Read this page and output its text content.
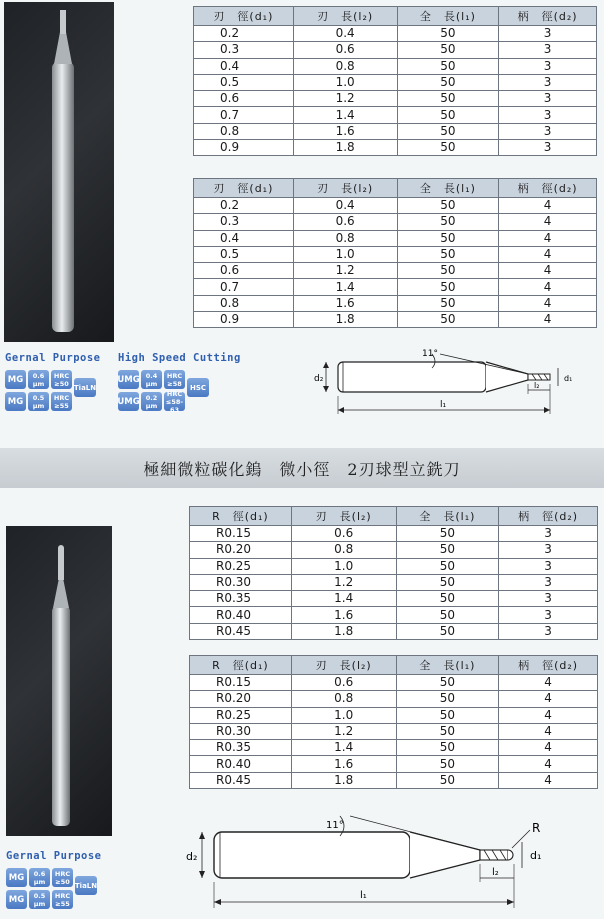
刃　徑(d₁)	刃　長(l₂)	全　長(l₁)	柄　徑(d₂)
0.2	0.4	50	3
0.3	0.6	50	3
0.4	0.8	50	3
0.5	1.0	50	3
0.6	1.2	50	3
0.7	1.4	50	3
0.8	1.6	50	3
0.9	1.8	50	3
刃　徑(d₁)	刃　長(l₂)	全　長(l₁)	柄　徑(d₂)
0.2	0.4	50	4
0.3	0.6	50	4
0.4	0.8	50	4
0.5	1.0	50	4
0.6	1.2	50	4
0.7	1.4	50	4
0.8	1.6	50	4
0.9	1.8	50	4
Gernal Purpose
MG	0.6
μm
HRC
≥50
MG	0.5
μm
HRC
≥55
TiaLN
High Speed Cutting
UMG 0.4
μm
HRC
≥58
UMG 0.2
μm
HRC
≤58-63
HSC
11°
d₂	d₁
l₂
l₁
極細微粒碳化鎢　微小徑　2刃球型立銑刀
R　徑(d₁)	刃　長(l₂)	全　長(l₁)	柄　徑(d₂)
R0.15	0.6	50	3
R0.20	0.8	50	3
R0.25	1.0	50	3
R0.30	1.2	50	3
R0.35	1.4	50	3
R0.40	1.6	50	3
R0.45	1.8	50	3
R　徑(d₁)	刃　長(l₂)	全　長(l₁)	柄　徑(d₂)
R0.15	0.6	50	4
R0.20	0.8	50	4
R0.25	1.0	50	4
R0.30	1.2	50	4
R0.35	1.4	50	4
R0.40	1.6	50	4
R0.45	1.8	50	4
Gernal Purpose
MG	0.6
μm
HRC
≥50
MG	0.5
μm
HRC
≥55
TiaLN
11°	R
d₂	d₁
l₂
l₁
